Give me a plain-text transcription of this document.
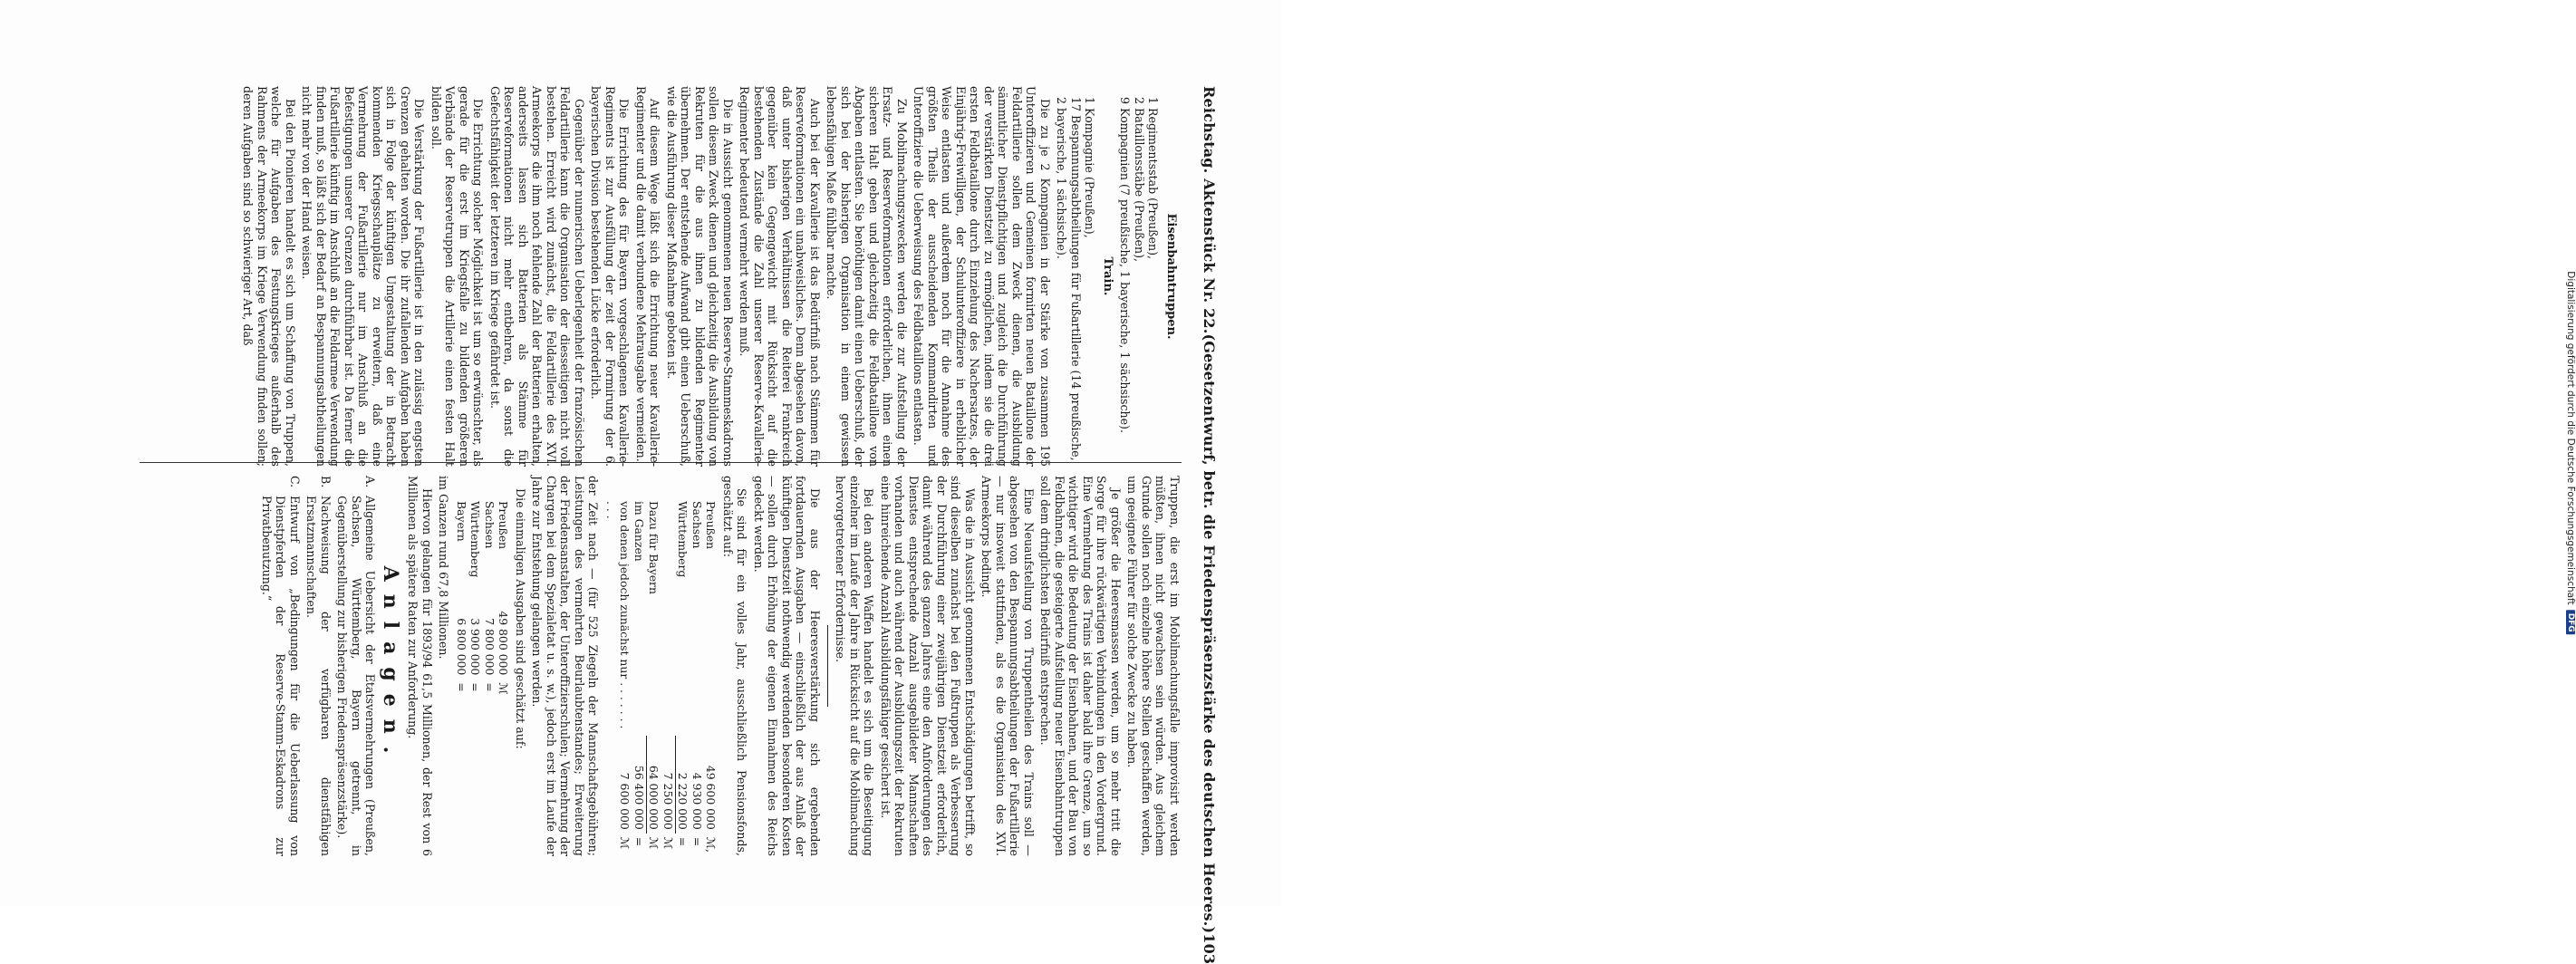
Reichstag. Aktenstück Nr. 22.
(Gesetzentwurf, betr. die Friedenspräsenzstärke des deutschen Heeres.)
103
Eisenbahntruppen.
1 Regimentsstab (Preußen),
2 Bataillonsstäbe (Preußen),
9 Kompagnien (7 preußische, 1 bayerische, 1 sächsische).
Train.
1 Kompagnie (Preußen),
17 Bespannungsabtheilungen für Fußartillerie (14 preußische, 2 bayerische, 1 sächsische).

Die zu je 2 Kompagnien in der Stärke von zusammen 195 Unteroffizieren und Gemeinen formirten neuen Bataillone der Feldartillerie sollen dem Zweck dienen, die Ausbildung sämmtlicher Dienstpflichtigen und zugleich die Durchführung der verstärkten Dienstzeit zu ermöglichen, indem sie die drei ersten Feldbataillone durch Einziehung des Nachersatzes, der Einjährig-Freiwilligen, der Schulunteroffiziere in erheblicher Weise entlasten und außerdem noch für die Annahme des größten Theils der ausscheidenden Kommandirten und Unteroffiziere die Ueberweisung des Feldbataillons entlasten.

Zu Mobilmachungszwecken werden die zur Aufstellung der Ersatz- und Reserveformationen erforderlichen, ihnen einen sicheren Halt geben und gleichzeitig die Feldbataillone von Abgaben entlasten. Sie benöthigen damit einen Ueberschuß, der sich bei der bisherigen Organisation in einem gewissen lebensfähigen Maße fühlbar machte.

Auch bei der Kavallerie ist das Bedürfniß nach Stämmen für Reserveformationen ein unabweisliches. Denn abgesehen davon, daß unter bisherigen Verhältnissen die Reiterei Frankreich gegenüber kein Gegengewicht mit Rücksicht auf die bestehenden Zustände die Zahl unserer Reserve-Kavallerie-Regimenter bedeutend vermehrt werden muß.

Die in Aussicht genommenen neuen Reserve-Stammeskadrons sollen diesem Zweck dienen und gleichzeitig die Ausbildung von Rekruten für die aus ihnen zu bildenden Regimenter übernehmen. Der entstehende Aufwand gibt einen Ueberschuß, wie die Ausführung dieser Maßnahme geboten ist.

Auf diesem Wege läßt sich die Errichtung neuer Kavallerie-Regimenter und die damit verbundene Mehrausgabe vermeiden.

Die Errichtung des für Bayern vorgeschlagenen Kavallerie-Regiments ist zur Ausfüllung der zeit der Formirung der 6. bayerischen Division bestehenden Lücke erforderlich.

Gegenüber der numerischen Ueberlegenheit der französischen Feldartillerie kann die Organisation der diesseitigen nicht voll bestehen. Erreicht wird zunächst, die Feldartillerie des XVI. Armeekorps die ihm noch fehlende Zahl der Batterien erhalten, anderseits lassen sich Batterien als Stämme für Reserveformationen nicht mehr entbehren, da sonst die Gefechtsfähigkeit der letzteren im Kriege gefährdet ist.

Die Errichtung solcher Möglichkeit ist um so erwünschter, als gerade für die erst im Kriegsfalle zu bildenden größeren Verbände der Reservetruppen die Artillerie einen festen Halt bilden soll.

Die Verstärkung der Fußartillerie ist in den zulässig engsten Grenzen gehalten worden. Die ihr zufallenden Aufgaben haben sich in Folge der künftigen Umgestaltung der in Betracht kommenden Kriegsschauplätze zu erweitern, daß eine Vermehrung der Fußartillerie nur im Anschluß an die Befestigungen unserer Grenzen durchführbar ist. Da ferner die Fußartillerie künftig im Anschluß an die Feldarmee Verwendung finden muß, so läßt sich der Bedarf an Bespannungsabtheilungen nicht mehr von der Hand weisen.

Bei den Pionieren handelt es sich um Schaffung von Truppen, welche für Aufgaben des Festungskrieges außerhalb des Rahmens der Armeekorps im Kriege Verwendung finden sollen; deren Aufgaben sind so schwieriger Art, daß

Truppen, die erst im Mobilmachungsfalle improvisirt werden müßten, ihnen nicht gewachsen sein würden. Aus gleichem Grunde sollen noch einzelne höhere Stellen geschaffen werden, um geeignete Führer für solche Zwecke zu haben.

Je größer die Heeresmassen werden, um so mehr tritt die Sorge für ihre rückwärtigen Verbindungen in den Vordergrund. Eine Vermehrung des Trains ist daher bald ihre Grenze, um so wichtiger wird die Bedeutung der Eisenbahnen, und der Bau von Feldbahnen, die gesteigerte Aufstellung neuer Eisenbahntruppen soll dem dringlichsten Bedürfniß entsprechen.

Eine Neuaufstellung von Truppentheilen des Trains soll — abgesehen von den Bespannungsabtheilungen der Fußartillerie — nur insoweit stattfinden, als es die Organisation des XVI. Armeekorps bedingt.

Was die in Aussicht genommenen Entschädigungen betrifft, so sind dieselben zunächst bei den Fußtruppen als Verbesserung der Durchführung einer zweijährigen Dienstzeit erforderlich, damit während des ganzen Jahres eine den Anforderungen des Dienstes entsprechende Anzahl ausgebildeter Mannschaften vorhanden und auch während der Ausbildungszeit der Rekruten eine hinreichende Anzahl Ausbildungsfähiger gesichert ist.

Bei den anderen Waffen handelt es sich um die Beseitigung einzelner im Laufe der Jahre in Rücksicht auf die Mobilmachung hervorgetretener Erfordernisse.

Die aus der Heeresverstärkung sich ergebenden fortdauernden Ausgaben — einschließlich der aus Anlaß der künftigen Dienstzeit nothwendig werdenden besonderen Kosten — sollen durch Erhöhung der eigenen Einnahmen des Reichs gedeckt werden.

Sie sind für ein volles Jahr, ausschließlich Pensionsfonds, geschätzt auf:

Preußen	49 600 000	ℳ,
Sachsen	4 930 000	=
Württemberg	2 220 000	=
	7 250 000	ℳ
Dazu für Bayern	64 000 000	ℳ
im Ganzen	56 400 000	=
von denen jedoch zunächst nur . . . . . . . . . .	7 600 000	ℳ

der Zeit nach — (für 525 Ziegeln der Mannschaftsgebühren; Leistungen des vermehrten Beurlaubtenstandes; Erweiterung der Friedensanstalten, der Unteroffizierschulen; Vermehrung der Chargen bei dem Spezialetat u. s. w.), jedoch erst im Laufe der Jahre zur Entstehung gelangen werden.

Die einmaligen Ausgaben sind geschätzt auf:

Preußen	49 800 000	ℳ
Sachsen	7 800 000	=
Württemberg	3 900 000	=
Bayern	6 800 000	=

im Ganzen rund 67,8 Millionen.

Hiervon gelangen für 1893/94 61,5 Millionen, der Rest von 6 Millionen als spätere Raten zur Anforderung.

Anlagen.
A.
Allgemeine Uebersicht der Etatsvermehrungen (Preußen, Sachsen, Württemberg, Bayern getrennt, in Gegenüberstellung zur bisherigen Friedenspräsenzstärke).
B.
Nachweisung der verfügbaren dienstfähigen Ersatzmannschaften.
C.
Entwurf von „Bedingungen für die Ueberlassung von Dienstpferden der Reserve-Stamm-Eskadrons zur Privatbenutzung.“	Digitalisierung gefördert durch die Deutsche Forschungsgemeinschaft
DFG
